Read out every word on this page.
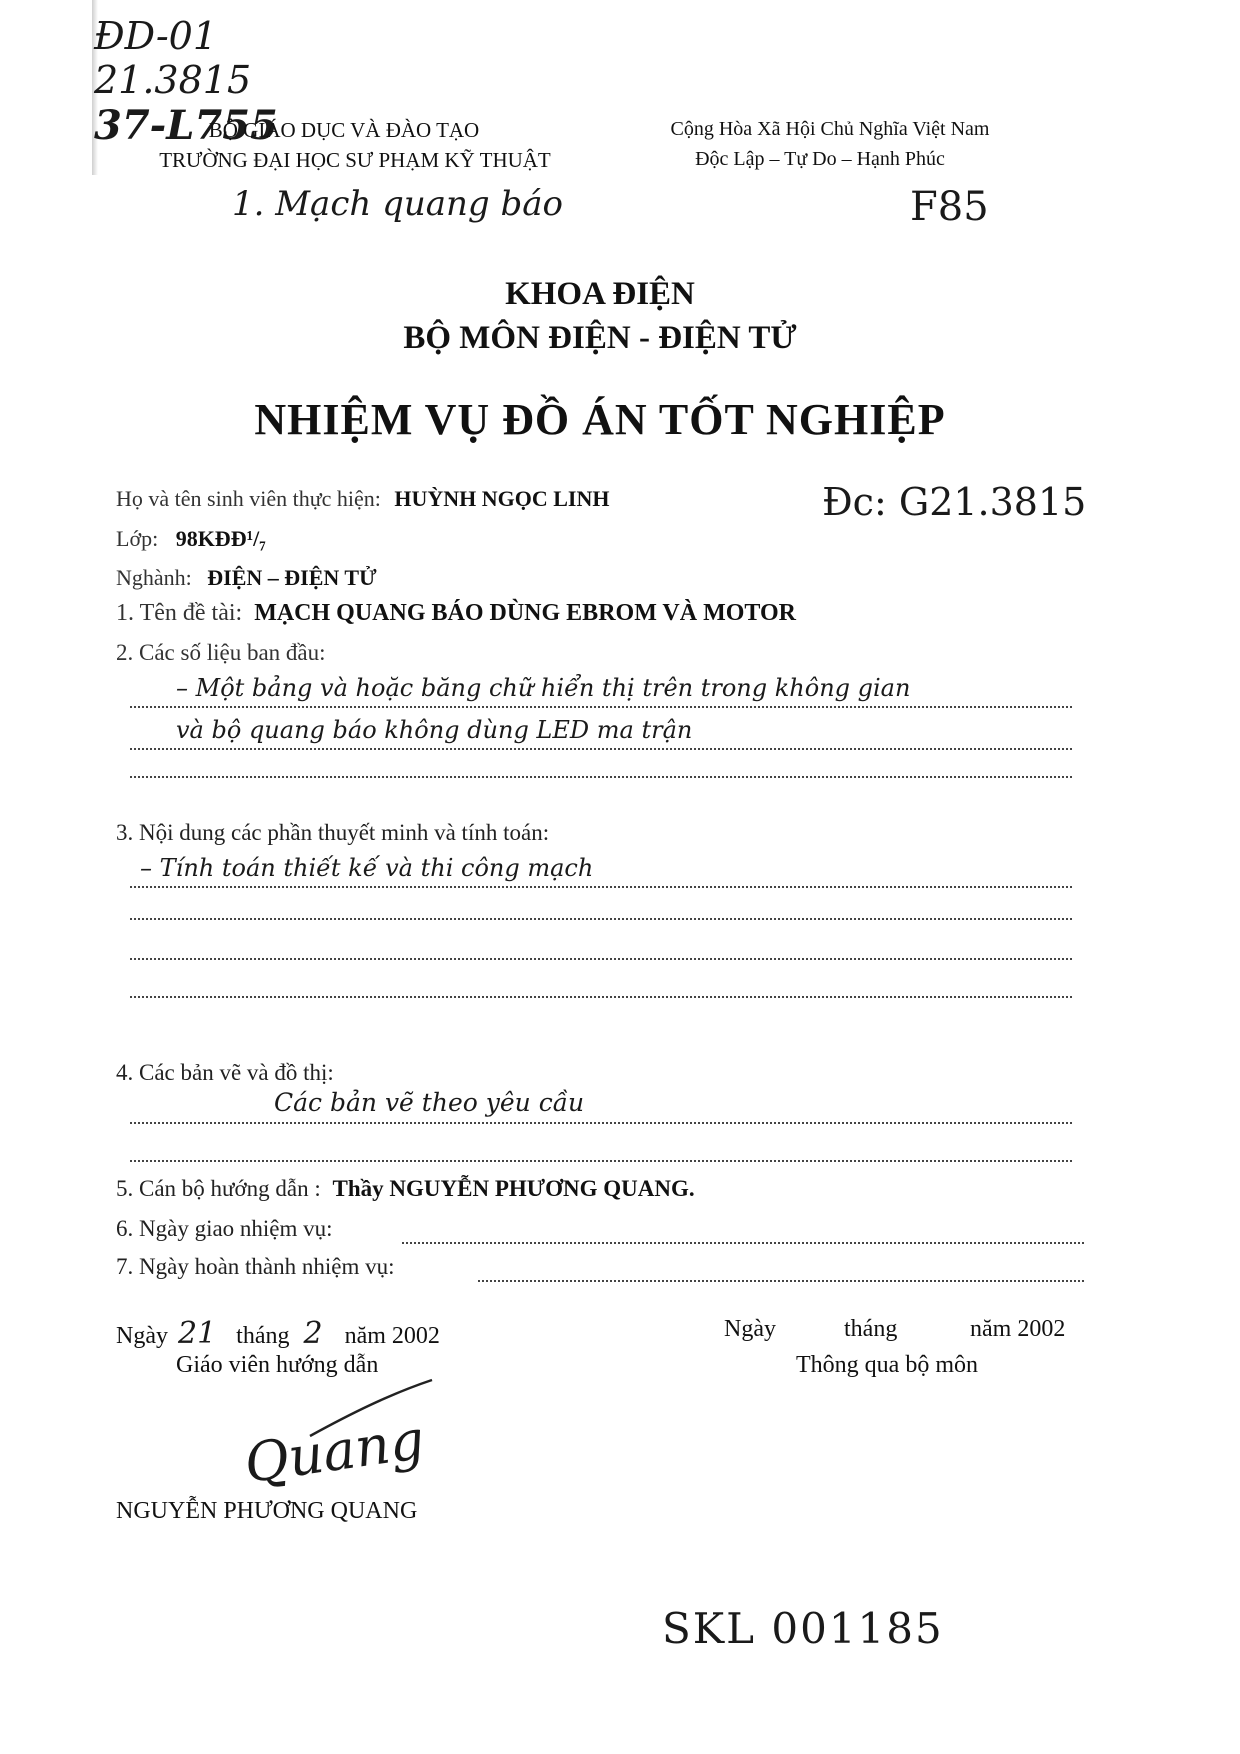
ĐD-01
21.3815
37-L755
BỘ GIÁO DỤC VÀ ĐÀO TẠO
TRƯỜNG ĐẠI HỌC SƯ PHẠM KỸ THUẬT
1. Mạch quang báo
Cộng Hòa Xã Hội Chủ Nghĩa Việt Nam
Độc Lập – Tự Do – Hạnh Phúc
F85
KHOA ĐIỆN
BỘ MÔN ĐIỆN - ĐIỆN TỬ
NHIỆM VỤ ĐỒ ÁN TỐT NGHIỆP
Họ và tên sinh viên thực hiện: HUỲNH NGỌC LINH	Đc: G21.3815
Lớp: 98KĐĐ¹/₇
Nghành: ĐIỆN – ĐIỆN TỬ
1. Tên đề tài: MẠCH QUANG BÁO DÙNG EBROM VÀ MOTOR
2. Các số liệu ban đầu:
– Một bảng và hoặc băng chữ hiển thị trên trong không gian
và bộ quang báo không dùng LED ma trận
3. Nội dung các phần thuyết minh và tính toán:
– Tính toán thiết kế và thi công mạch
4. Các bản vẽ và đồ thị:
Các bản vẽ theo yêu cầu
5. Cán bộ hướng dẫn : Thầy NGUYỄN PHƯƠNG QUANG.
6. Ngày giao nhiệm vụ:
7. Ngày hoàn thành nhiệm vụ:
Ngày 21 tháng 2 năm 2002
Giáo viên hướng dẫn
Quang
NGUYỄN PHƯƠNG QUANG
Ngày	tháng	năm 2002
Thông qua bộ môn
SKL 001185
